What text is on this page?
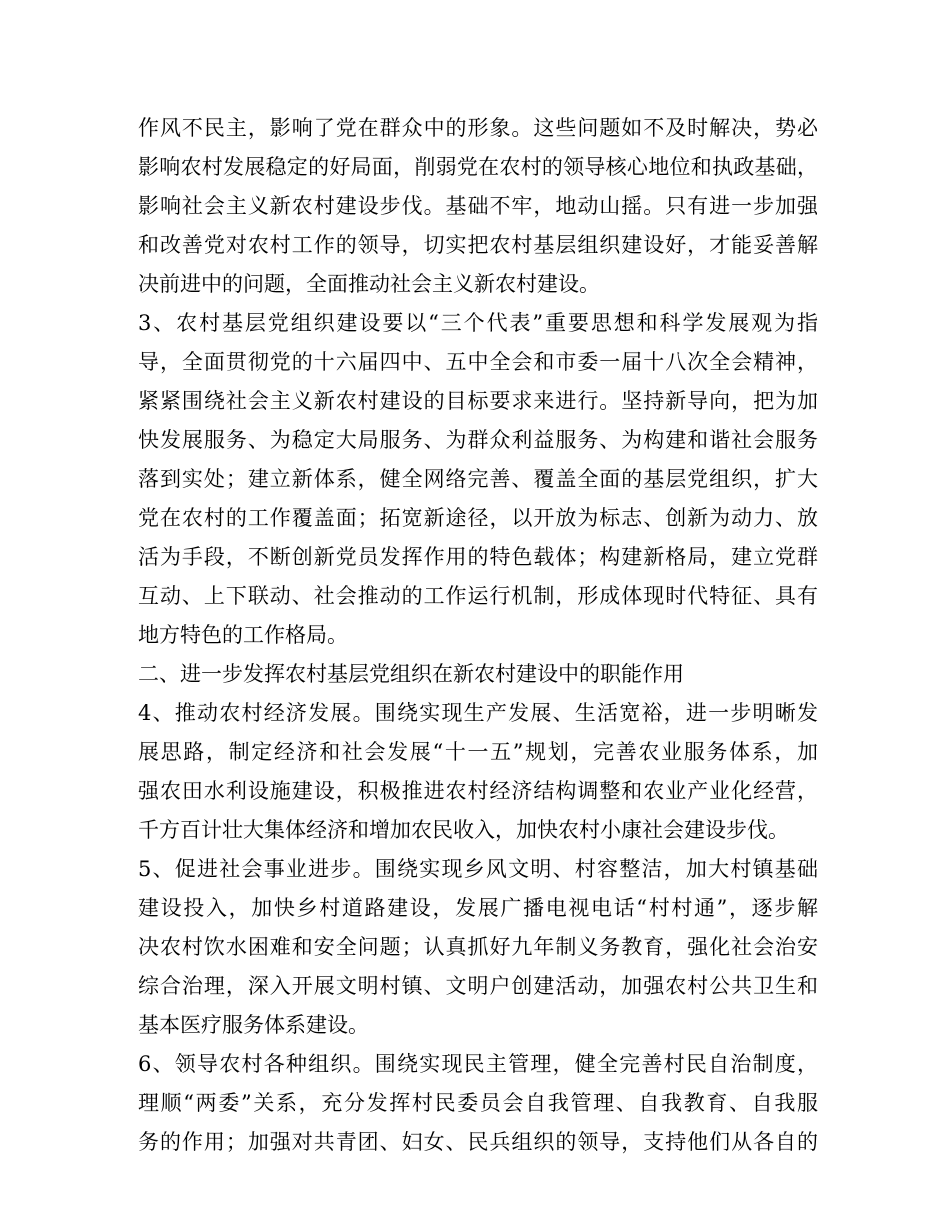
作风不民主，影响了党在群众中的形象。这些问题如不及时解决，势必
影响农村发展稳定的好局面，削弱党在农村的领导核心地位和执政基础，
影响社会主义新农村建设步伐。基础不牢，地动山摇。只有进一步加强
和改善党对农村工作的领导，切实把农村基层组织建设好，才能妥善解
决前进中的问题，全面推动社会主义新农村建设。
3、农村基层党组织建设要以“三个代表”重要思想和科学发展观为指
导，全面贯彻党的十六届四中、五中全会和市委一届十八次全会精神，
紧紧围绕社会主义新农村建设的目标要求来进行。坚持新导向，把为加
快发展服务、为稳定大局服务、为群众利益服务、为构建和谐社会服务
落到实处；建立新体系，健全网络完善、覆盖全面的基层党组织，扩大
党在农村的工作覆盖面；拓宽新途径，以开放为标志、创新为动力、放
活为手段，不断创新党员发挥作用的特色载体；构建新格局，建立党群
互动、上下联动、社会推动的工作运行机制，形成体现时代特征、具有
地方特色的工作格局。
二、进一步发挥农村基层党组织在新农村建设中的职能作用
4、推动农村经济发展。围绕实现生产发展、生活宽裕，进一步明晰发
展思路，制定经济和社会发展“十一五”规划，完善农业服务体系，加
强农田水利设施建设，积极推进农村经济结构调整和农业产业化经营，
千方百计壮大集体经济和增加农民收入，加快农村小康社会建设步伐。
5、促进社会事业进步。围绕实现乡风文明、村容整洁，加大村镇基础
建设投入，加快乡村道路建设，发展广播电视电话“村村通”，逐步解
决农村饮水困难和安全问题；认真抓好九年制义务教育，强化社会治安
综合治理，深入开展文明村镇、文明户创建活动，加强农村公共卫生和
基本医疗服务体系建设。
6、领导农村各种组织。围绕实现民主管理，健全完善村民自治制度，
理顺“两委”关系，充分发挥村民委员会自我管理、自我教育、自我服
务的作用；加强对共青团、妇女、民兵组织的领导，支持他们从各自的
